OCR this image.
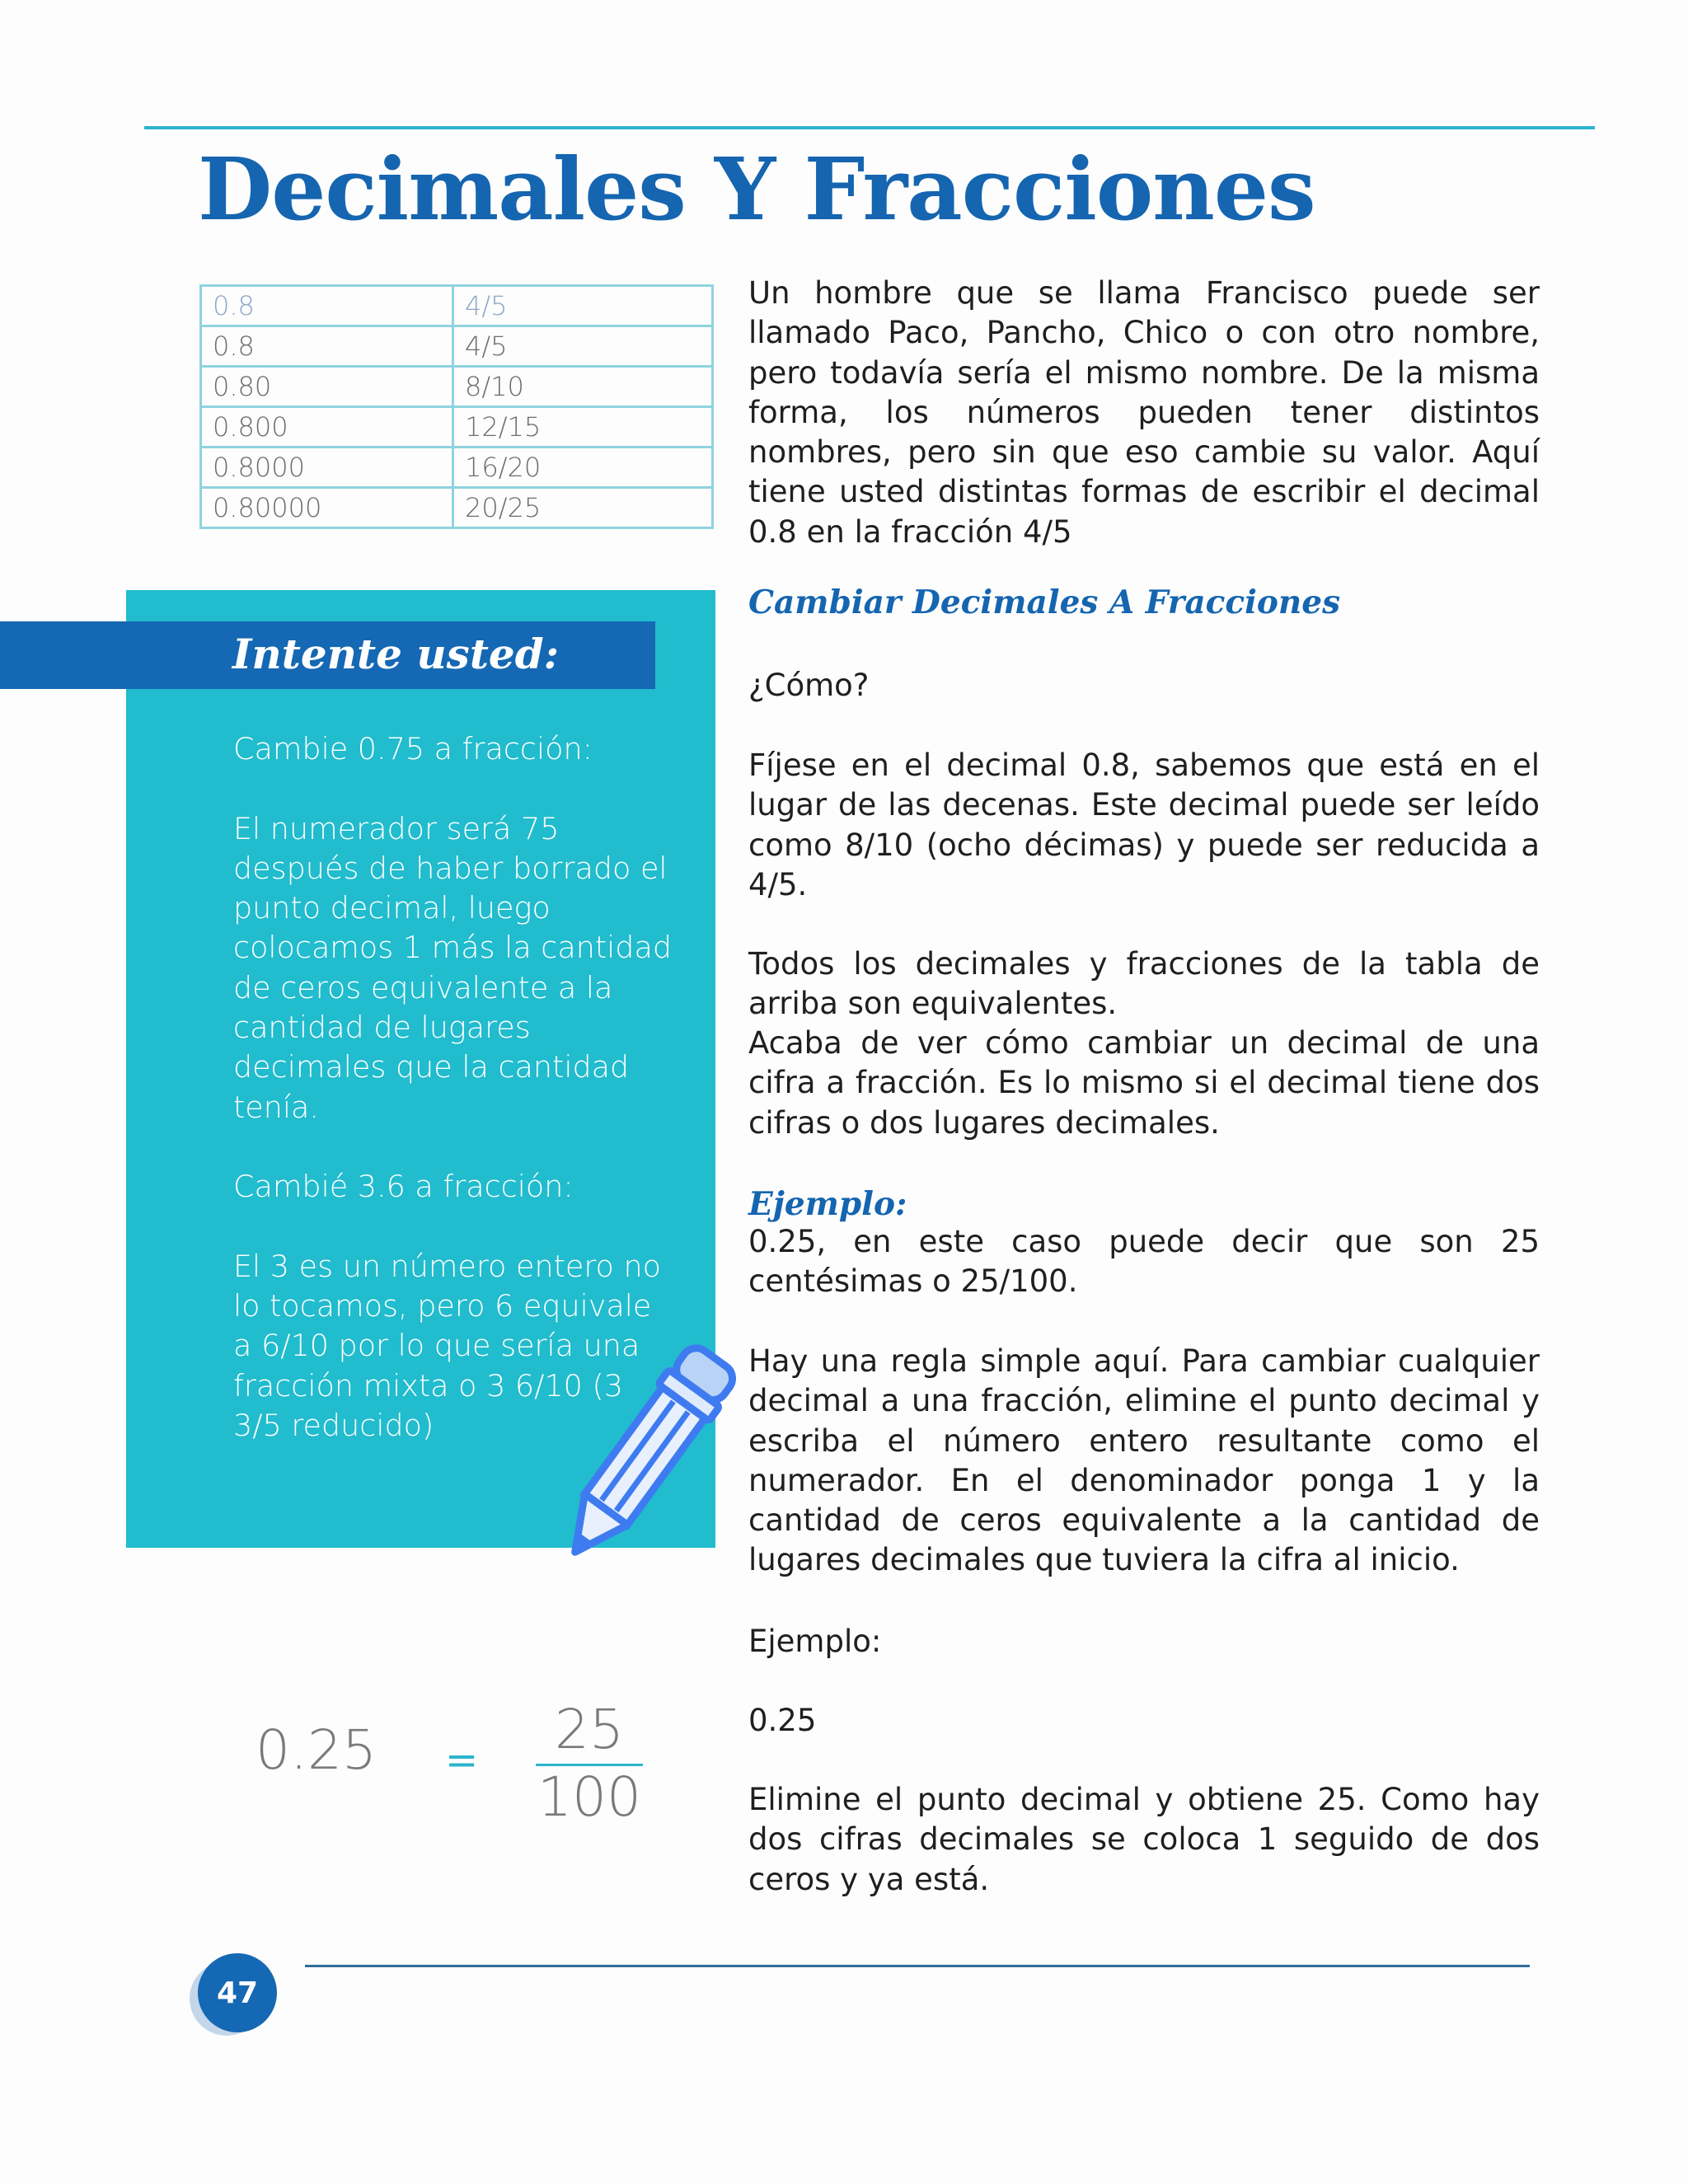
Decimales Y Fracciones
0.8	4/5
0.8	4/5
0.80	8/10
0.800	12/15
0.8000	16/20
0.80000	20/25

Un hombre que se llama Francisco puede ser llamado Paco, Pancho, Chico o con otro nombre, pero todavía sería el mismo nombre. De la misma forma, los números pueden tener distintos nombres, pero sin que eso cambie su valor. Aquí tiene usted distintas formas de escribir el decimal 0.8 en la fracción 4/5

Intente usted:

Cambie 0.75 a fracción:

El numerador será 75 después de haber borrado el punto decimal, luego colocamos 1 más la cantidad de ceros equivalente a la cantidad de lugares decimales que la cantidad tenía.

Cambié 3.6 a fracción:

El 3 es un número entero no lo tocamos, pero 6 equivale a 6/10 por lo que sería una fracción mixta o 3 6/10 (3 3/5 reducido)

0.25 =	25
100
Cambiar Decimales A Fracciones

¿Cómo?

Fíjese en el decimal 0.8, sabemos que está en el lugar de las decenas. Este decimal puede ser leído como 8/10 (ocho décimas) y puede ser reducida a 4/5.

Todos los decimales y fracciones de la tabla de arriba son equivalentes.

Acaba de ver cómo cambiar un decimal de una cifra a fracción. Es lo mismo si el decimal tiene dos cifras o dos lugares decimales.

Ejemplo:

0.25, en este caso puede decir que son 25 centésimas o 25/100.

Hay una regla simple aquí. Para cambiar cualquier decimal a una fracción, elimine el punto decimal y escriba el número entero resultante como el numerador. En el denominador ponga 1 y la cantidad de ceros equivalente a la cantidad de lugares decimales que tuviera la cifra al inicio.

Ejemplo:

0.25

Elimine el punto decimal y obtiene 25. Como hay dos cifras decimales se coloca 1 seguido de dos ceros y ya está.

47
